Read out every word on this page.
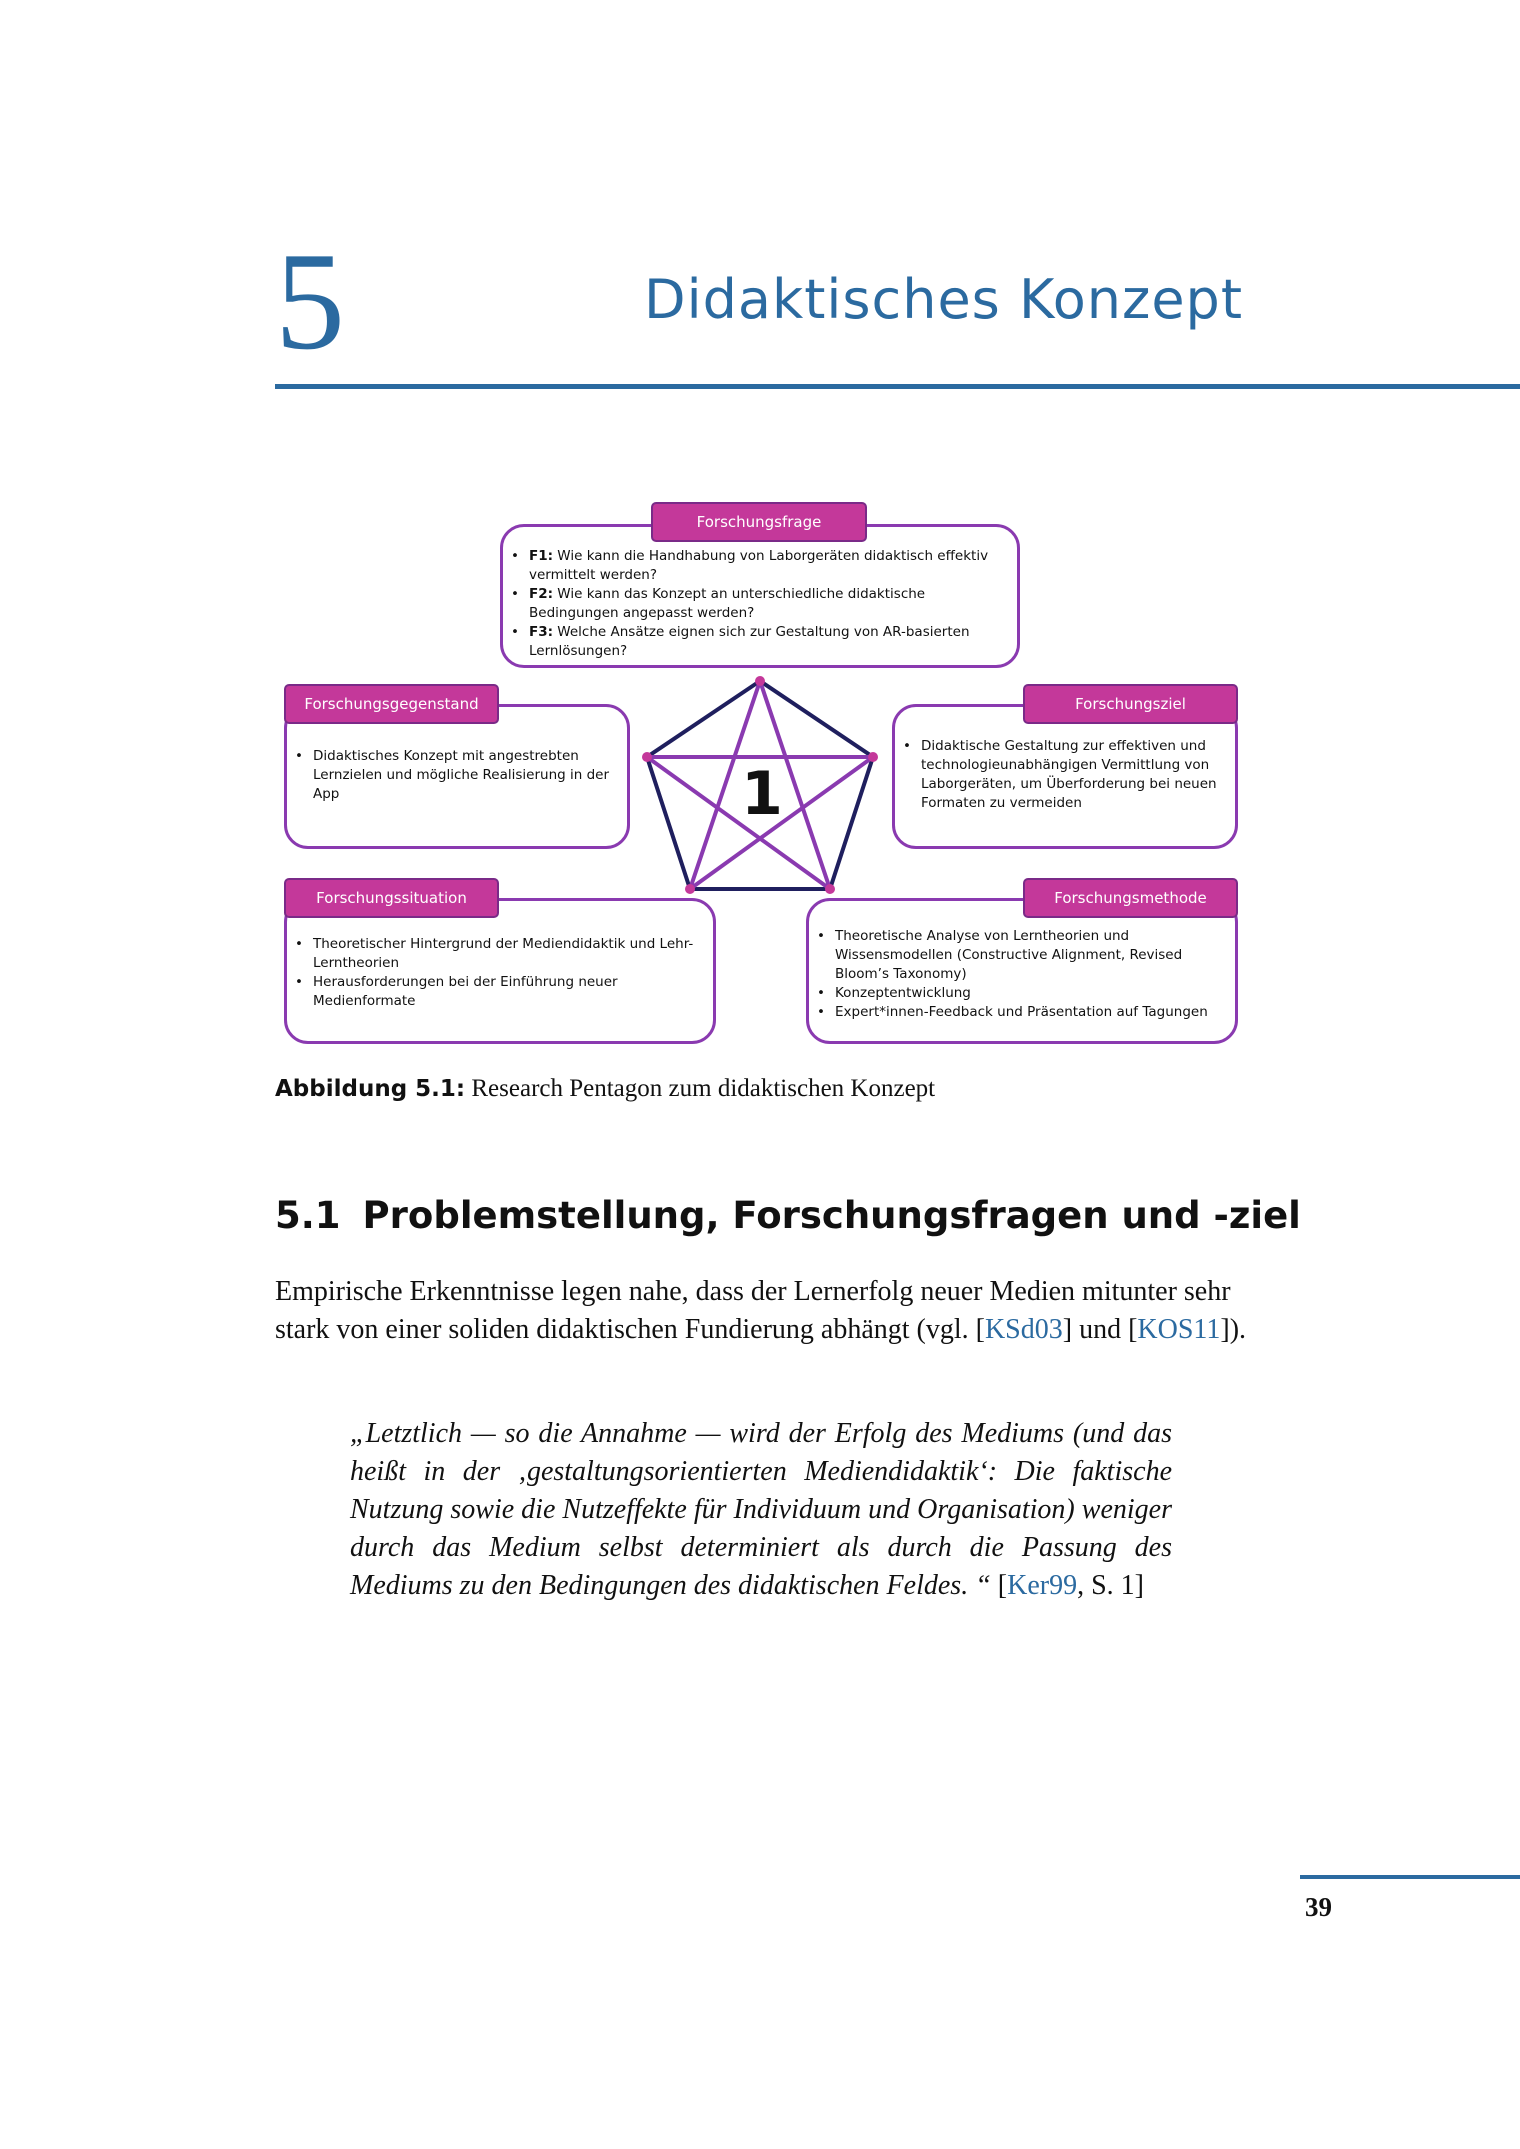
5	Didaktisches Konzept
1
• F1: Wie kann die Handhabung von Laborgeräten didaktisch effektiv vermittelt werden?
• F2: Wie kann das Konzept an unterschiedliche didaktische Bedingungen angepasst werden?
• F3: Welche Ansätze eignen sich zur Gestaltung von AR-basierten Lernlösungen?
Forschungsfrage
• Didaktisches Konzept mit angestrebten Lernzielen und mögliche Realisierung in der App
Forschungsgegenstand
• Didaktische Gestaltung zur effektiven und technologieunabhängigen Vermittlung von Laborgeräten, um Überforderung bei neuen Formaten zu vermeiden
Forschungsziel
• Theoretischer Hintergrund der Mediendidaktik und Lehr-Lerntheorien
• Herausforderungen bei der Einführung neuer Medienformate
Forschungssituation
• Theoretische Analyse von Lerntheorien und Wissensmodellen (Constructive Alignment, Revised Bloom’s Taxonomy)
• Konzeptentwicklung
• Expert*innen-Feedback und Präsentation auf Tagungen
Forschungsmethode
Abbildung 5.1: Research Pentagon zum didaktischen Konzept
5.1 Problemstellung, Forschungsfragen und -ziel
Empirische Erkenntnisse legen nahe, dass der Lernerfolg neuer Medien mitunter sehr stark von einer soliden didaktischen Fundierung abhängt (vgl. [KSd03] und [KOS11]).
„Letztlich — so die Annahme — wird der Erfolg des Mediums (und das heißt in der ‚gestaltungsorientierten Mediendidaktik‘: Die faktische Nutzung sowie die Nutzeffekte für Individuum und Organisation) weniger durch das Medium selbst determiniert als durch die Passung des Mediums zu den Bedingungen des didaktischen Feldes. “ [Ker99, S. 1]
39
